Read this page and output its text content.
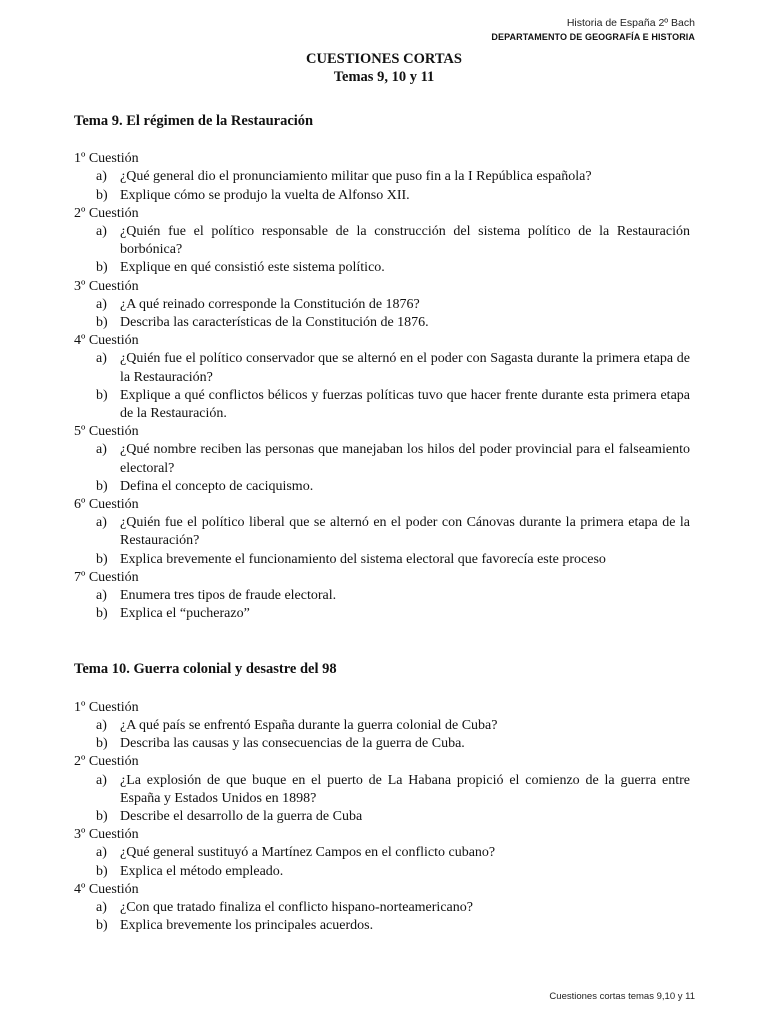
Historia de España 2º Bach
DEPARTAMENTO DE GEOGRAFÍA E HISTORIA
CUESTIONES CORTAS
Temas 9, 10 y 11

Tema 9. El régimen de la Restauración

1º Cuestión

a) ¿Qué general dio el pronunciamiento militar que puso fin a la I República española?
b) Explique cómo se produjo la vuelta de Alfonso XII.

2º Cuestión

a) ¿Quién fue el político responsable de la construcción del sistema político de la Restauración borbónica?
b) Explique en qué consistió este sistema político.

3º Cuestión

a) ¿A qué reinado corresponde la Constitución de 1876?
b) Describa las características de la Constitución de 1876.

4º Cuestión

a) ¿Quién fue el político conservador que se alternó en el poder con Sagasta durante la primera etapa de la Restauración?
b) Explique a qué conflictos bélicos y fuerzas políticas tuvo que hacer frente durante esta primera etapa de la Restauración.

5º Cuestión

a) ¿Qué nombre reciben las personas que manejaban los hilos del poder provincial para el falseamiento electoral?
b) Defina el concepto de caciquismo.

6º Cuestión

a) ¿Quién fue el político liberal que se alternó en el poder con Cánovas durante la primera etapa de la Restauración?
b) Explica brevemente el funcionamiento del sistema electoral que favorecía este proceso

7º Cuestión

a) Enumera tres tipos de fraude electoral.
b) Explica el “pucherazo”

Tema 10. Guerra colonial y desastre del 98

1º Cuestión

a) ¿A qué país se enfrentó España durante la guerra colonial de Cuba?
b) Describa las causas y las consecuencias de la guerra de Cuba.

2º Cuestión

a) ¿La explosión de que buque en el puerto de La Habana propició el comienzo de la guerra entre España y Estados Unidos en 1898?
b) Describe el desarrollo de la guerra de Cuba

3º Cuestión

a) ¿Qué general sustituyó a Martínez Campos en el conflicto cubano?
b) Explica el método empleado.

4º Cuestión

a) ¿Con que tratado finaliza el conflicto hispano-norteamericano?
b) Explica brevemente los principales acuerdos.
Cuestiones cortas temas 9,10 y 11
